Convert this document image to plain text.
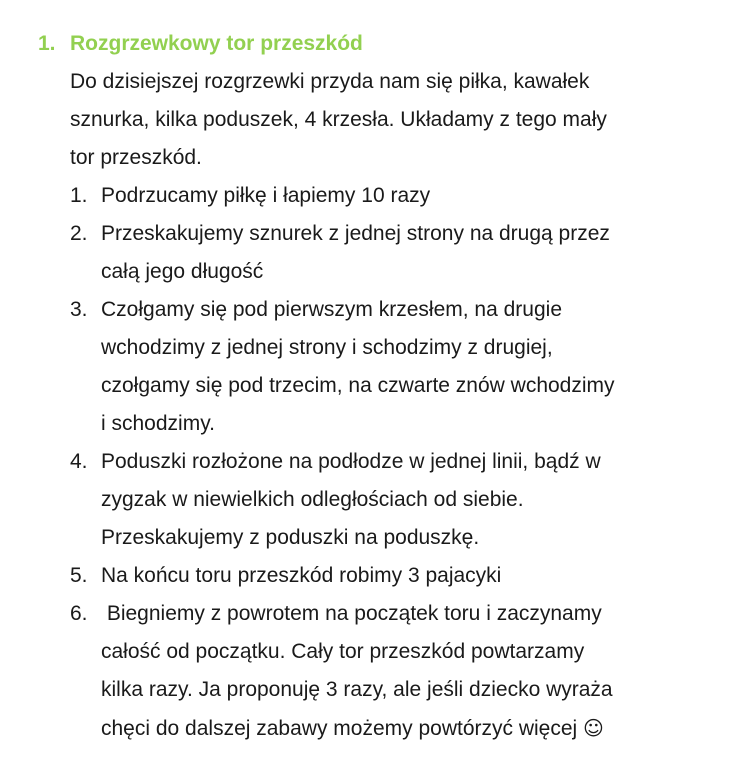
1. Rozgrzewkowy tor przeszkód
Do dzisiejszej rozgrzewki przyda nam się piłka, kawałek
sznurka, kilka poduszek, 4 krzesła. Układamy z tego mały
tor przeszkód.
1. Podrzucamy piłkę i łapiemy 10 razy
2. Przeskakujemy sznurek z jednej strony na drugą przez
całą jego długość
3. Czołgamy się pod pierwszym krzesłem, na drugie
wchodzimy z jednej strony i schodzimy z drugiej,
czołgamy się pod trzecim, na czwarte znów wchodzimy
i schodzimy.
4. Poduszki rozłożone na podłodze w jednej linii, bądź w
zygzak w niewielkich odległościach od siebie.
Przeskakujemy z poduszki na poduszkę.
5. Na końcu toru przeszkód robimy 3 pajacyki
6. Biegniemy z powrotem na początek toru i zaczynamy
całość od początku. Cały tor przeszkód powtarzamy
kilka razy. Ja proponuję 3 razy, ale jeśli dziecko wyraża
chęci do dalszej zabawy możemy powtórzyć więcej ☺
